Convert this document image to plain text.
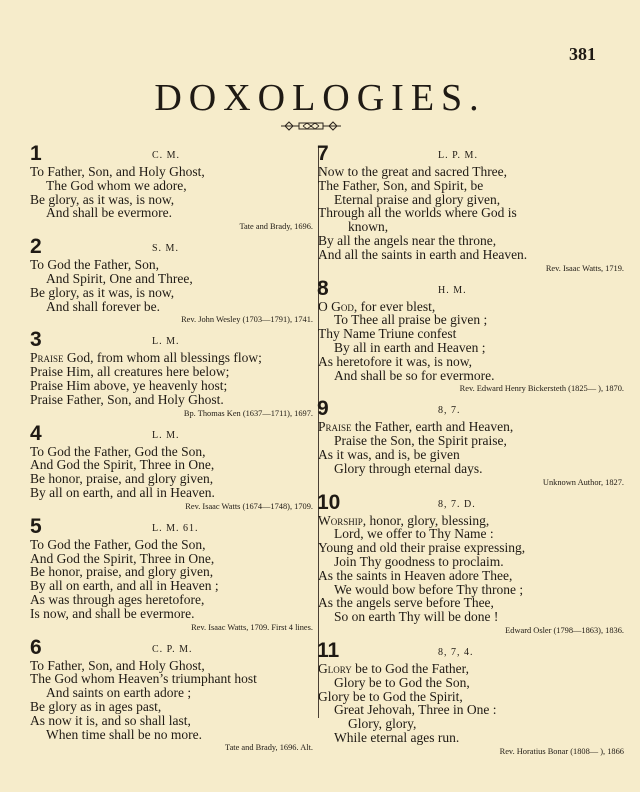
381
DOXOLOGIES.
1	C. M.
To Father, Son, and Holy Ghost,
The God whom we adore,
Be glory, as it was, is now,
And shall be evermore.
Tate and Brady, 1696.
2	S. M.
To God the Father, Son,
And Spirit, One and Three,
Be glory, as it was, is now,
And shall forever be.
Rev. John Wesley (1703—1791), 1741.
3	L. M.
Praise God, from whom all blessings flow;
Praise Him, all creatures here below;
Praise Him above, ye heavenly host;
Praise Father, Son, and Holy Ghost.
Bp. Thomas Ken (1637—1711), 1697.
4	L. M.
To God the Father, God the Son,
And God the Spirit, Three in One,
Be honor, praise, and glory given,
By all on earth, and all in Heaven.
Rev. Isaac Watts (1674—1748), 1709.
5	L. M. 61.
To God the Father, God the Son,
And God the Spirit, Three in One,
Be honor, praise, and glory given,
By all on earth, and all in Heaven ;
As was through ages heretofore,
Is now, and shall be evermore.
Rev. Isaac Watts, 1709. First 4 lines.
6	C. P. M.
To Father, Son, and Holy Ghost,
The God whom Heaven’s triumphant host
And saints on earth adore ;
Be glory as in ages past,
As now it is, and so shall last,
When time shall be no more.
Tate and Brady, 1696. Alt.
7	L. P. M.
Now to the great and sacred Three,
The Father, Son, and Spirit, be
Eternal praise and glory given,
Through all the worlds where God is
known,
By all the angels near the throne,
And all the saints in earth and Heaven.
Rev. Isaac Watts, 1719.
8	H. M.
O God, for ever blest,
To Thee all praise be given ;
Thy Name Triune confest
By all in earth and Heaven ;
As heretofore it was, is now,
And shall be so for evermore.
Rev. Edward Henry Bickersteth (1825— ), 1870.
9	8, 7.
Praise the Father, earth and Heaven,
Praise the Son, the Spirit praise,
As it was, and is, be given
Glory through eternal days.
Unknown Author, 1827.
10	8, 7. D.
Worship, honor, glory, blessing,
Lord, we offer to Thy Name :
Young and old their praise expressing,
Join Thy goodness to proclaim.
As the saints in Heaven adore Thee,
We would bow before Thy throne ;
As the angels serve before Thee,
So on earth Thy will be done !
Edward Osler (1798—1863), 1836.
11	8, 7, 4.
Glory be to God the Father,
Glory be to God the Son,
Glory be to God the Spirit,
Great Jehovah, Three in One :
Glory, glory,
While eternal ages run.
Rev. Horatius Bonar (1808— ), 1866
